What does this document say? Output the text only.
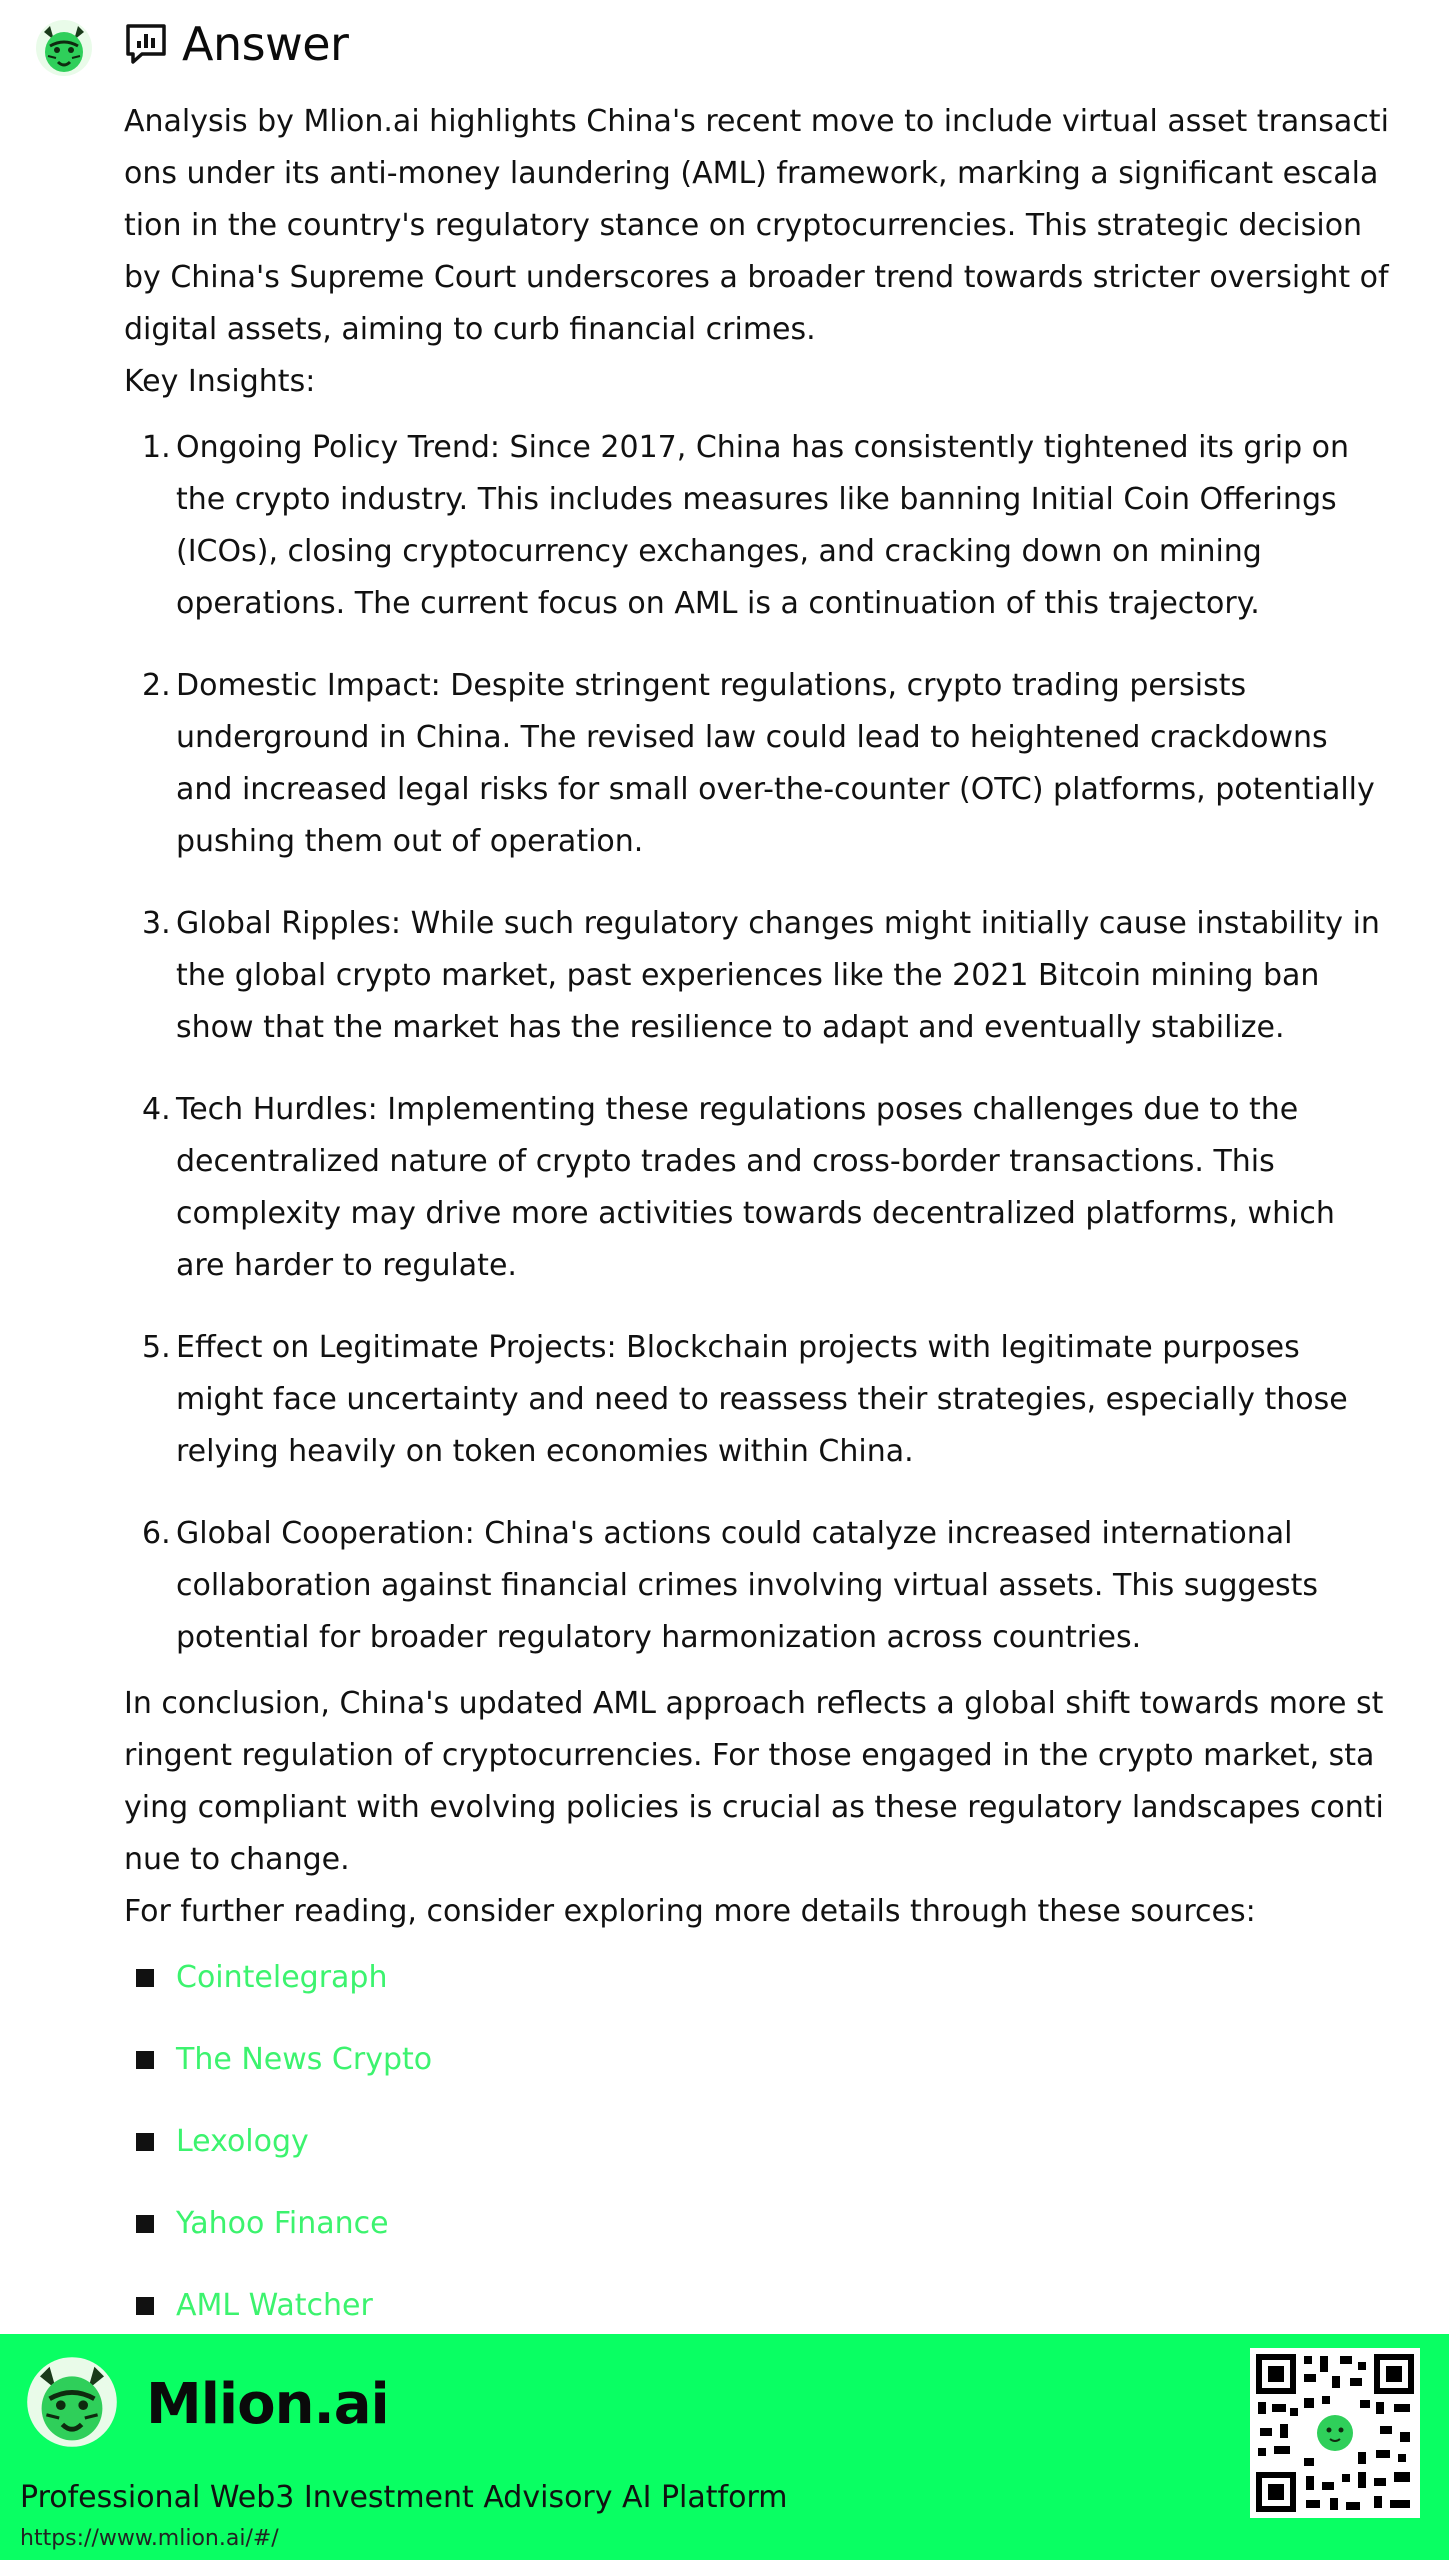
Answer

Analysis by Mlion.ai highlights China's recent move to include virtual asset transactions under its anti-money laundering (AML) framework, marking a significant escalation in the country's regulatory stance on cryptocurrencies. This strategic decision by China's Supreme Court underscores a broader trend towards stricter oversight of digital assets, aiming to curb financial crimes.

Key Insights:

Ongoing Policy Trend: Since 2017, China has consistently tightened its grip on the crypto industry. This includes measures like banning Initial Coin Offerings (ICOs), closing cryptocurrency exchanges, and cracking down on mining operations. The current focus on AML is a continuation of this trajectory.
Domestic Impact: Despite stringent regulations, crypto trading persists underground in China. The revised law could lead to heightened crackdowns and increased legal risks for small over-the-counter (OTC) platforms, potentially pushing them out of operation.
Global Ripples: While such regulatory changes might initially cause instability in the global crypto market, past experiences like the 2021 Bitcoin mining ban show that the market has the resilience to adapt and eventually stabilize.
Tech Hurdles: Implementing these regulations poses challenges due to the decentralized nature of crypto trades and cross-border transactions. This complexity may drive more activities towards decentralized platforms, which are harder to regulate.
Effect on Legitimate Projects: Blockchain projects with legitimate purposes might face uncertainty and need to reassess their strategies, especially those relying heavily on token economies within China.
Global Cooperation: China's actions could catalyze increased international collaboration against financial crimes involving virtual assets. This suggests potential for broader regulatory harmonization across countries.

In conclusion, China's updated AML approach reflects a global shift towards more stringent regulation of cryptocurrencies. For those engaged in the crypto market, staying compliant with evolving policies is crucial as these regulatory landscapes continue to change.

For further reading, consider exploring more details through these sources:

Cointelegraph
The News Crypto
Lexology
Yahoo Finance
AML Watcher
Mlion.ai
Professional Web3 Investment Advisory AI Platform
https://www.mlion.ai/#/
